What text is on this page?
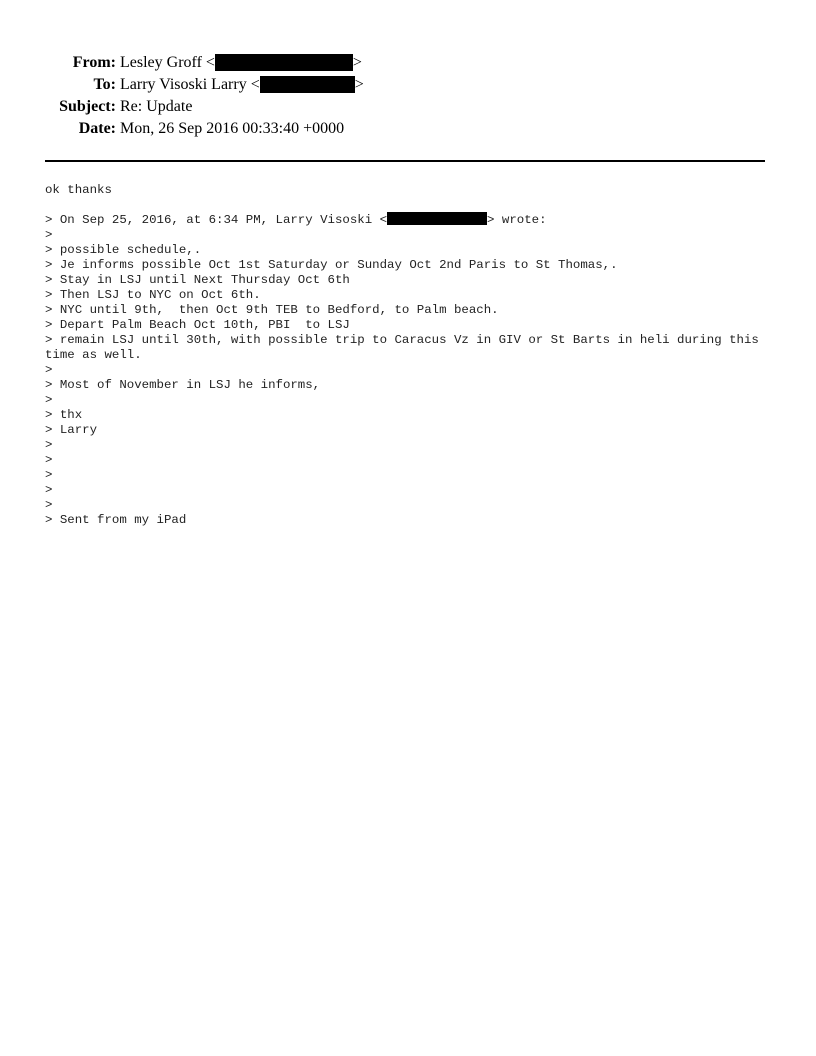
From: Lesley Groff <	>
To: Larry Visoski Larry <	>
Subject: Re: Update
Date: Mon, 26 Sep 2016 00:33:40 +0000
ok thanks
> On Sep 25, 2016, at 6:34 PM, Larry Visoski <	> wrote:
>
> possible schedule,.
> Je informs possible Oct 1st Saturday or Sunday Oct 2nd Paris to St Thomas,.
> Stay in LSJ until Next Thursday Oct 6th
> Then LSJ to NYC on Oct 6th.
> NYC until 9th,  then Oct 9th TEB to Bedford, to Palm beach.
> Depart Palm Beach Oct 10th, PBI  to LSJ
> remain LSJ until 30th, with possible trip to Caracus Vz in GIV or St Barts in heli during this time as well.
>
> Most of November in LSJ he informs,
>
> thx
> Larry
>
>
>
>
>
> Sent from my iPad
